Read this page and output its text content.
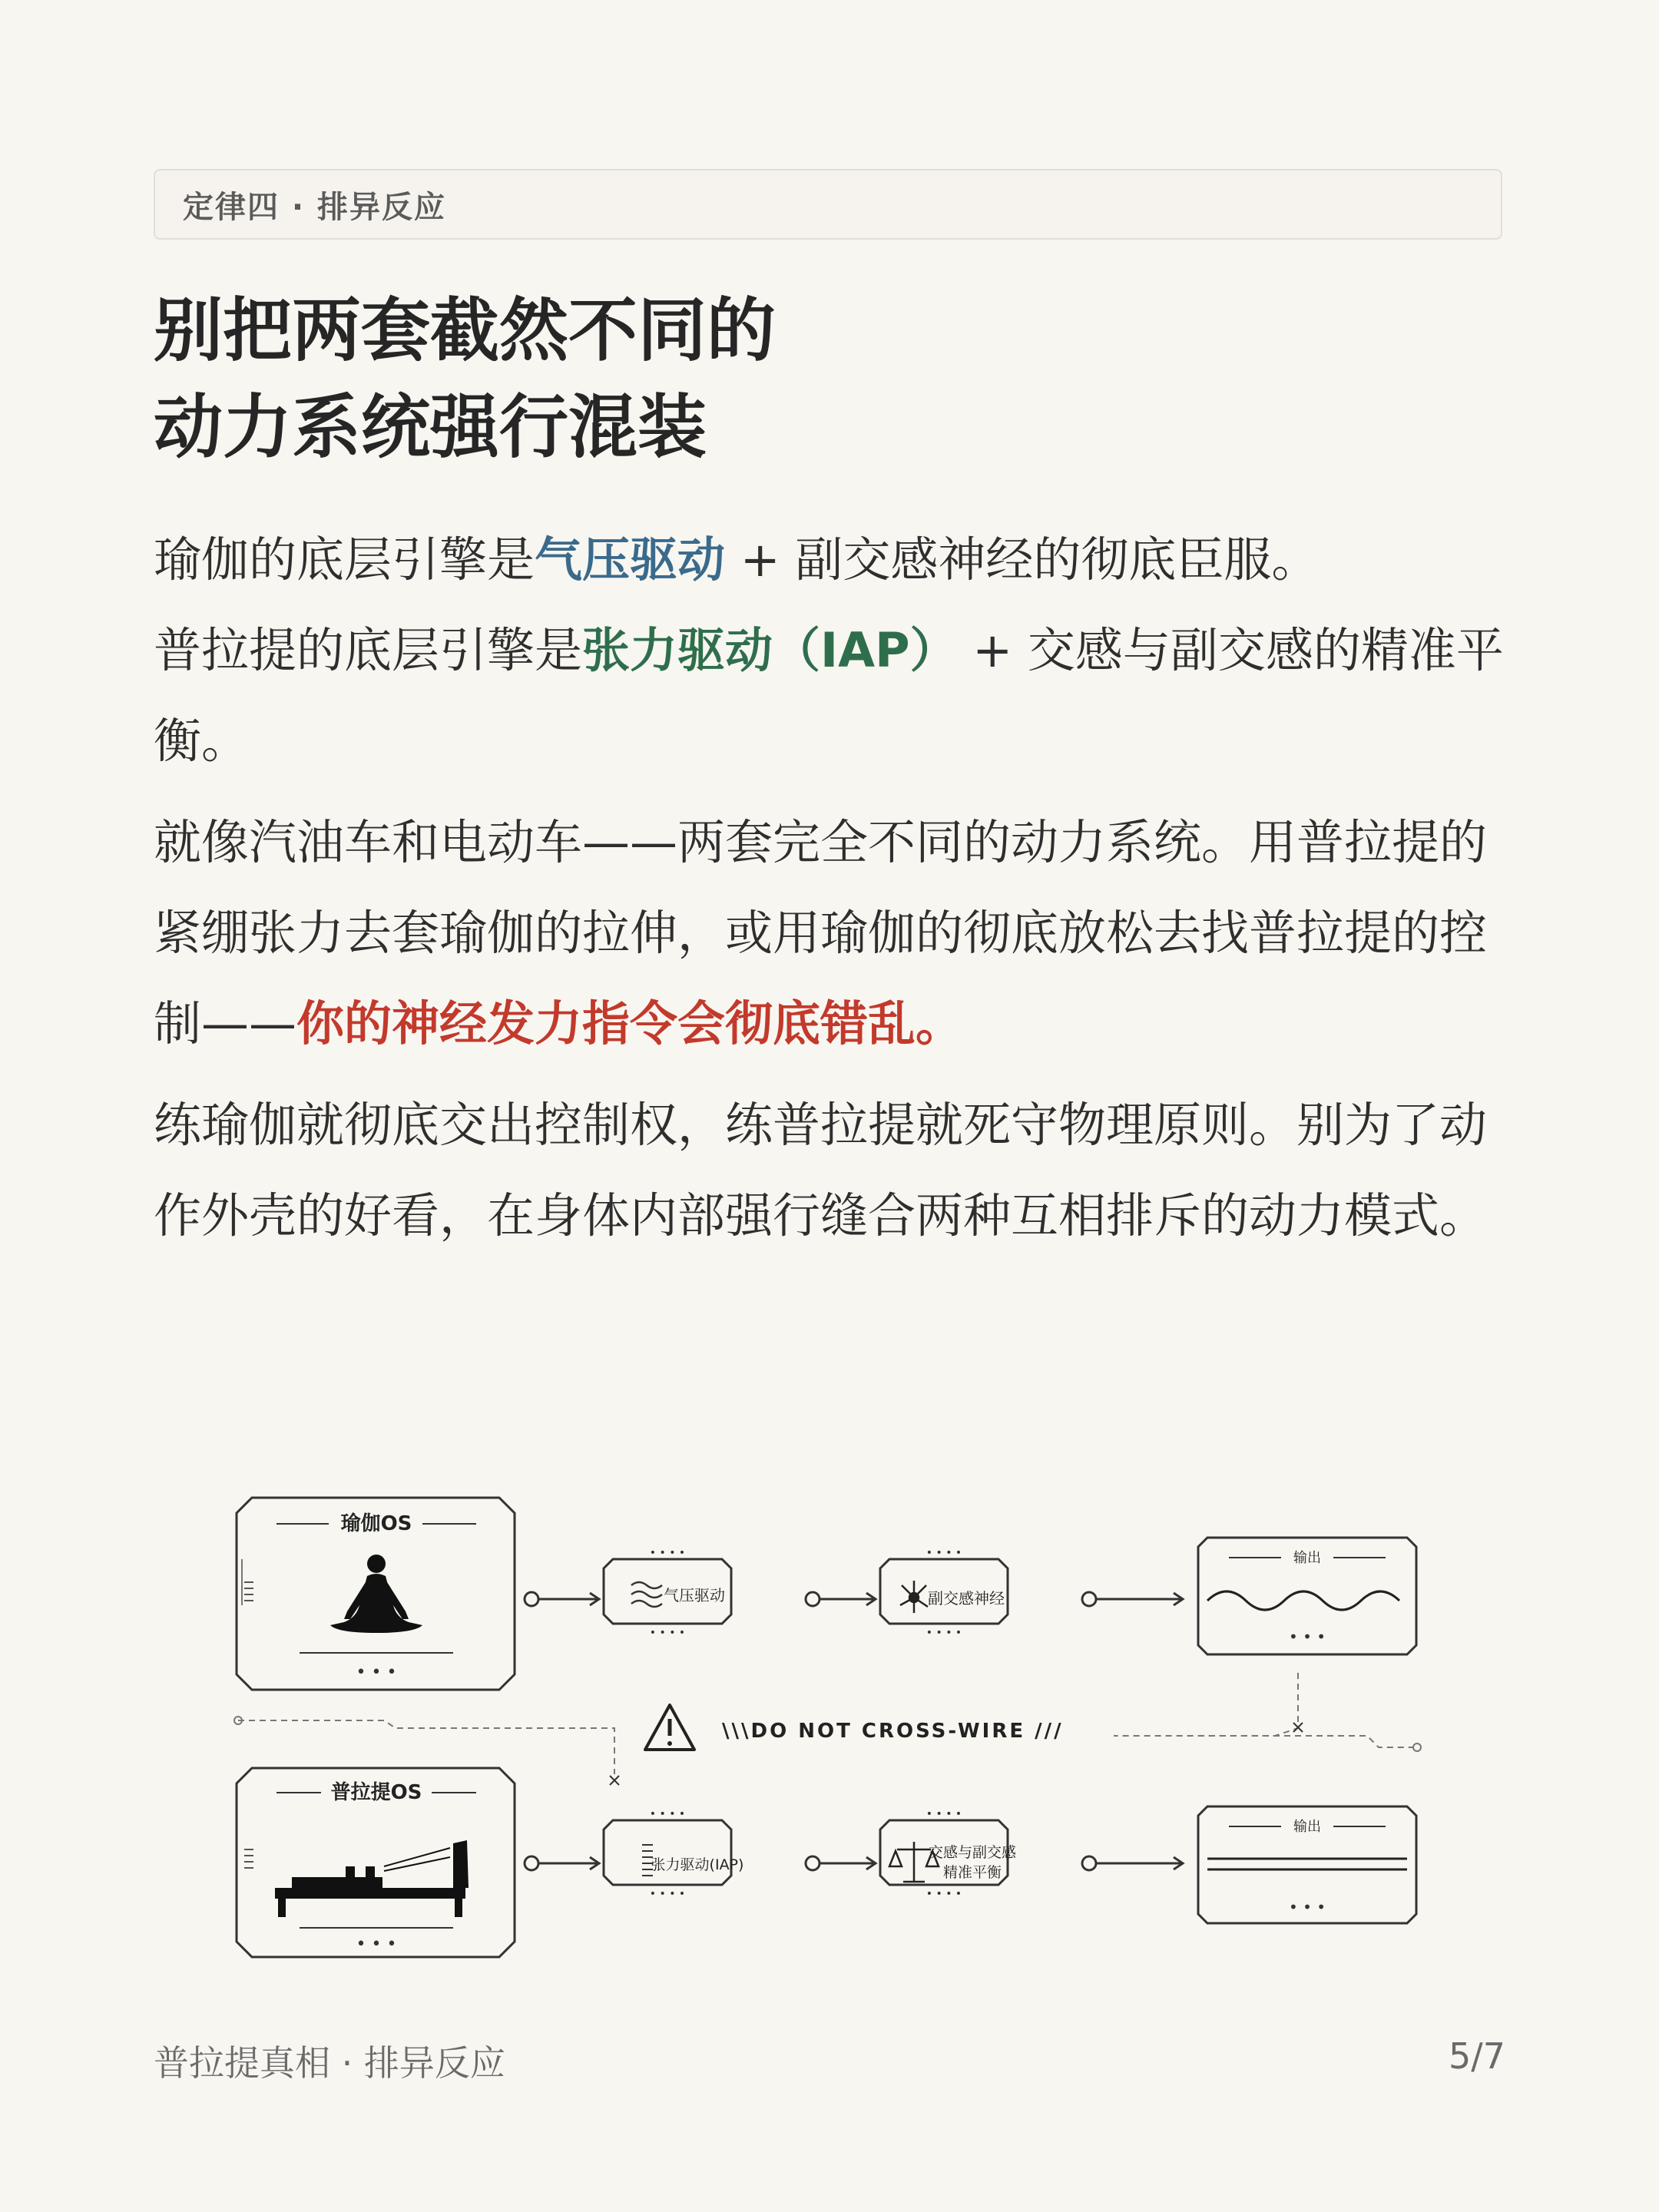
定律四 · 排异反应
别把两套截然不同的
动力系统强行混装

瑜伽的底层引擎是气压驱动 + 副交感神经的彻底臣服。
普拉提的底层引擎是张力驱动（IAP） + 交感与副交感的精准平衡。

就像汽油车和电动车——两套完全不同的动力系统。用普拉提的紧绷张力去套瑜伽的拉伸，或用瑜伽的彻底放松去找普拉提的控制——你的神经发力指令会彻底错乱。

练瑜伽就彻底交出控制权，练普拉提就死守物理原则。别为了动作外壳的好看，在身体内部强行缝合两种互相排斥的动力模式。

\\\DO NOT CROSS-WIRE ///
瑜伽OS
普拉提OS
• • •
• • •
气压驱动
• • • •
• • • •
副交感神经
• • • •
• • • •
输出
• • •
张力驱动(IAP)
• • • •
• • • •
交感与副交感
精准平衡
• • • •
• • • •
输出
• • •
普拉提真相 · 排异反应	5/7
